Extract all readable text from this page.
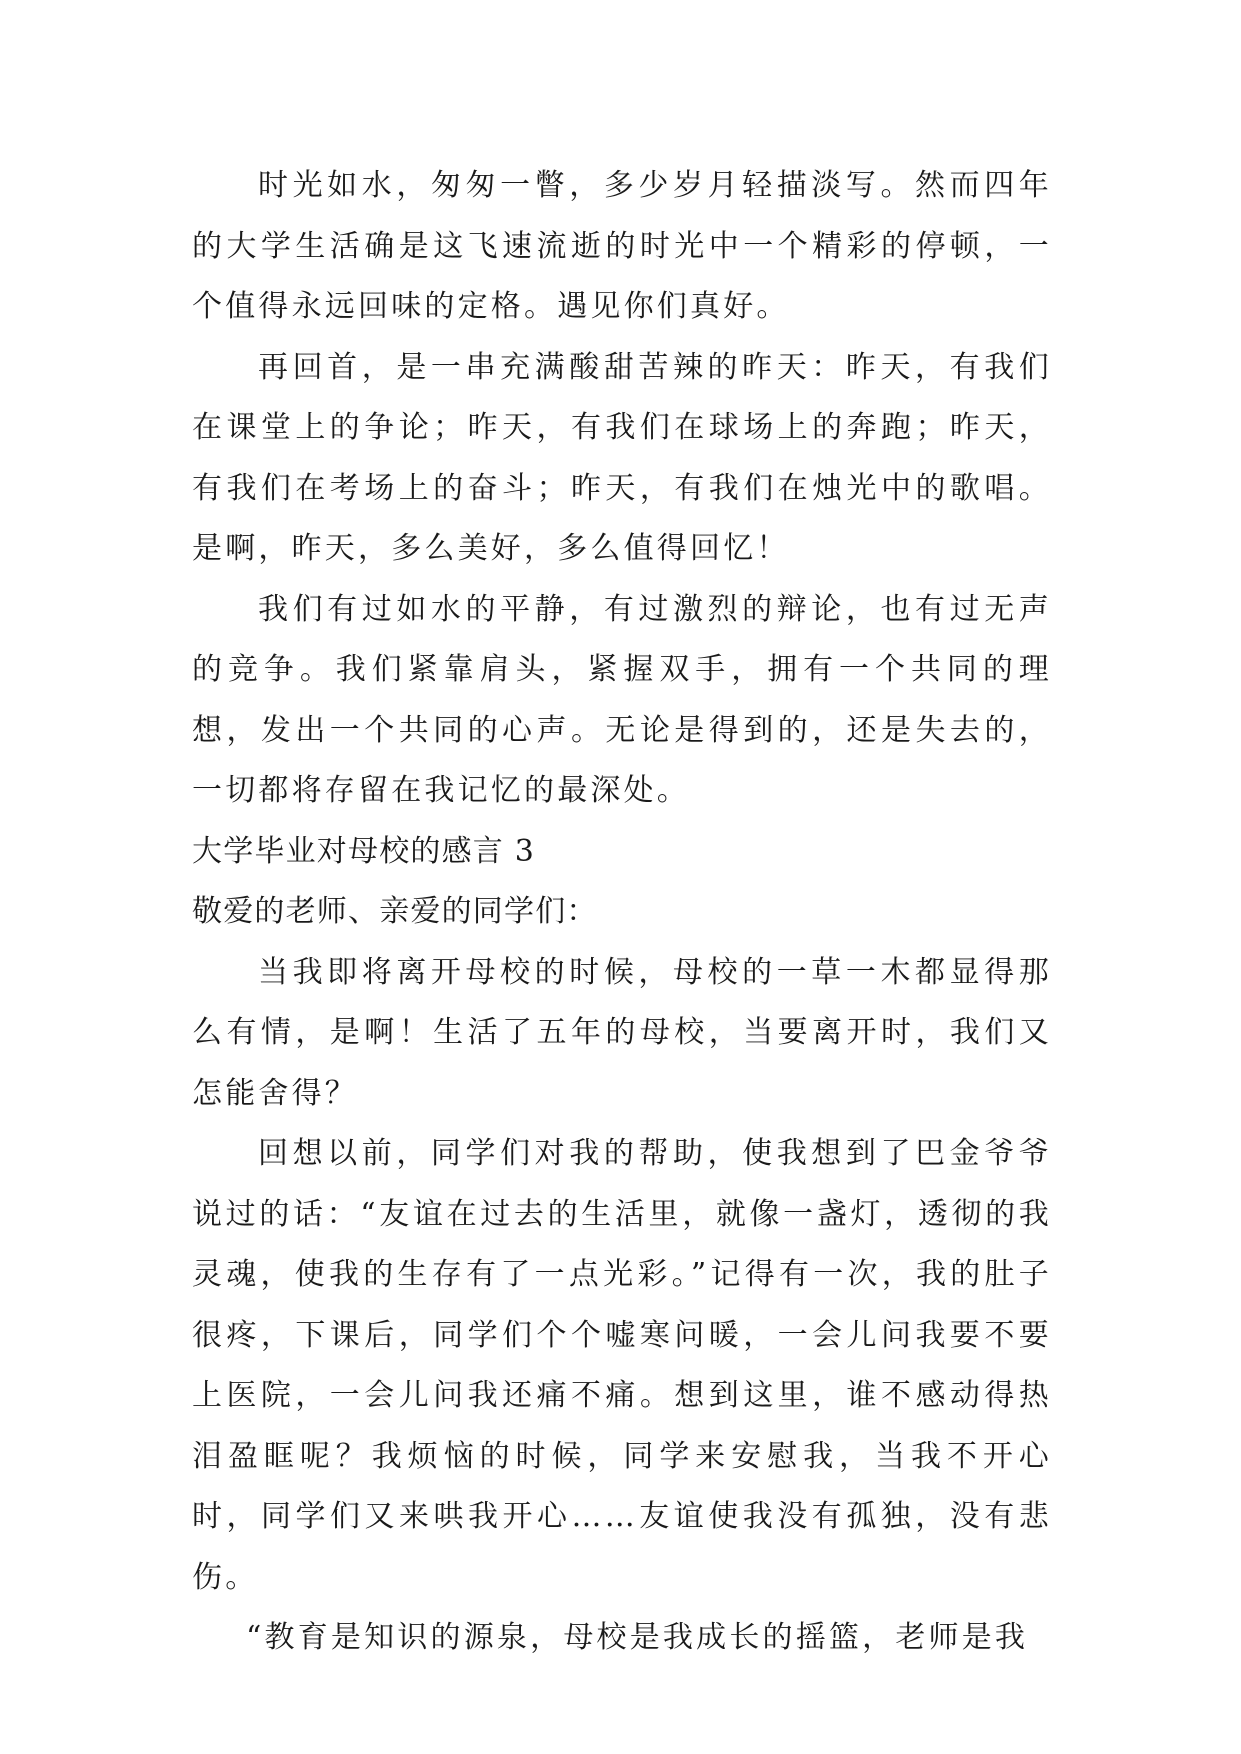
时光如水，匆匆一瞥，多少岁月轻描淡写。然而四年的大学生活确是这飞速流逝的时光中一个精彩的停顿，一个值得永远回味的定格。遇见你们真好。

再回首，是一串充满酸甜苦辣的昨天：昨天，有我们在课堂上的争论；昨天，有我们在球场上的奔跑；昨天，有我们在考场上的奋斗；昨天，有我们在烛光中的歌唱。是啊，昨天，多么美好，多么值得回忆！

我们有过如水的平静，有过激烈的辩论，也有过无声的竞争。我们紧靠肩头，紧握双手，拥有一个共同的理想，发出一个共同的心声。无论是得到的，还是失去的，一切都将存留在我记忆的最深处。

大学毕业对母校的感言 3

敬爱的老师、亲爱的同学们：

当我即将离开母校的时候，母校的一草一木都显得那么有情，是啊！生活了五年的母校，当要离开时，我们又怎能舍得？

回想以前，同学们对我的帮助，使我想到了巴金爷爷说过的话：“友谊在过去的生活里，就像一盏灯，透彻的我灵魂，使我的生存有了一点光彩。”记得有一次，我的肚子很疼，下课后，同学们个个嘘寒问暖，一会儿问我要不要上医院，一会儿问我还痛不痛。想到这里，谁不感动得热泪盈眶呢？我烦恼的时候，同学来安慰我，当我不开心时，同学们又来哄我开心……友谊使我没有孤独，没有悲伤。

“教育是知识的源泉，母校是我成长的摇篮，老师是我
